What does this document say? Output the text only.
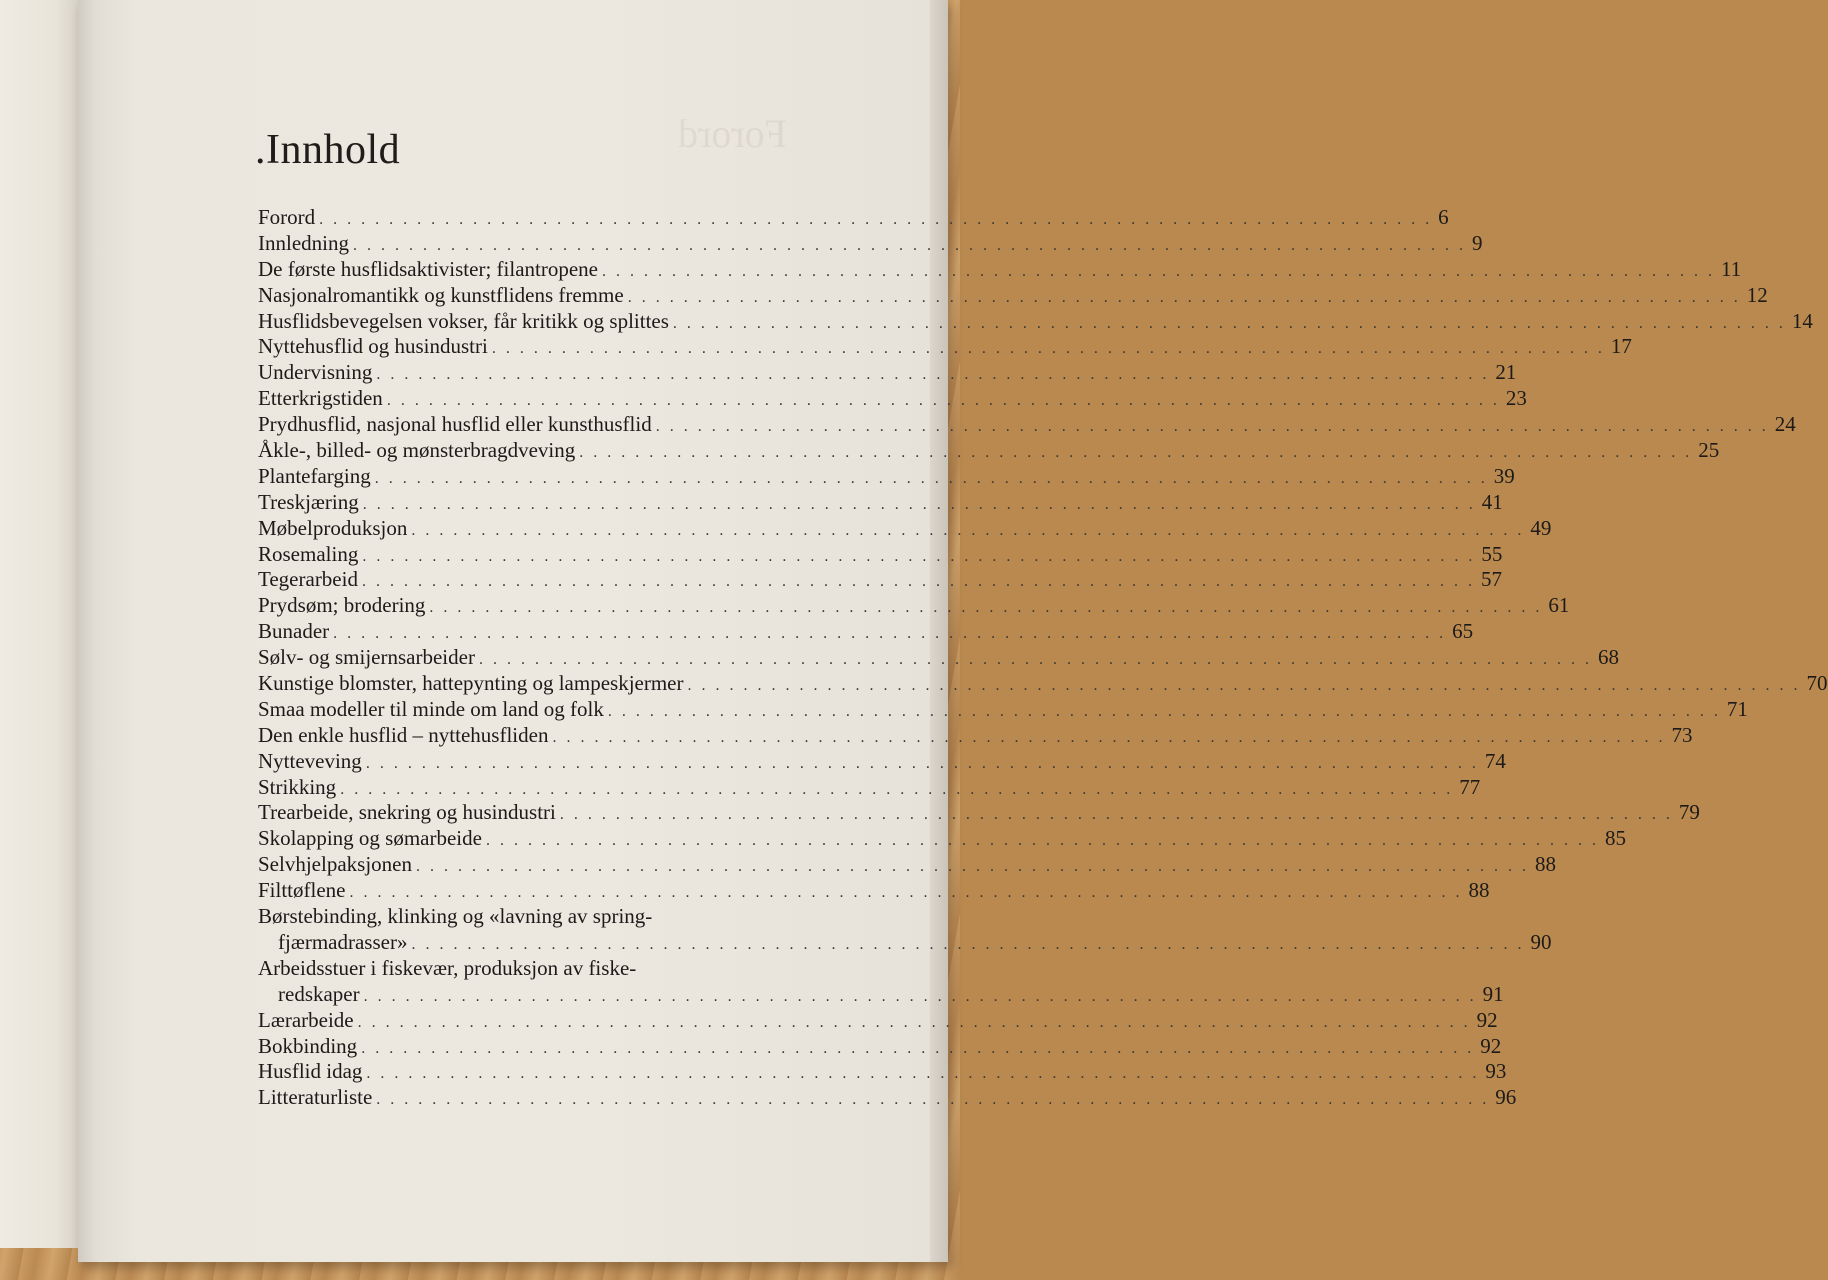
Forord
.Innhold
Forord . . . . . . . . . . . . . . . . . . . . . . . . . . . . . . . . . . . . . . . . . . . . . . . . . . . . . . . . . . . . . . . . . . . . . . . . . . . . . . . . 6
Innledning . . . . . . . . . . . . . . . . . . . . . . . . . . . . . . . . . . . . . . . . . . . . . . . . . . . . . . . . . . . . . . . . . . . . . . . . . . . . . . . . 9
De første husflidsaktivister; filantropene . . . . . . . . . . . . . . . . . . . . . . . . . . . . . . . . . . . . . . . . . . . . . . . . . . . . . . . . . . . . . . . . . . . . . . . . . . . . . . . . 11
Nasjonalromantikk og kunstflidens fremme . . . . . . . . . . . . . . . . . . . . . . . . . . . . . . . . . . . . . . . . . . . . . . . . . . . . . . . . . . . . . . . . . . . . . . . . . . . . . . . . 12
Husflidsbevegelsen vokser, får kritikk og splittes . . . . . . . . . . . . . . . . . . . . . . . . . . . . . . . . . . . . . . . . . . . . . . . . . . . . . . . . . . . . . . . . . . . . . . . . . . . . . . . . 14
Nyttehusflid og husindustri . . . . . . . . . . . . . . . . . . . . . . . . . . . . . . . . . . . . . . . . . . . . . . . . . . . . . . . . . . . . . . . . . . . . . . . . . . . . . . . . 17
Undervisning . . . . . . . . . . . . . . . . . . . . . . . . . . . . . . . . . . . . . . . . . . . . . . . . . . . . . . . . . . . . . . . . . . . . . . . . . . . . . . . . 21
Etterkrigstiden . . . . . . . . . . . . . . . . . . . . . . . . . . . . . . . . . . . . . . . . . . . . . . . . . . . . . . . . . . . . . . . . . . . . . . . . . . . . . . . . 23
Prydhusflid, nasjonal husflid eller kunsthusflid . . . . . . . . . . . . . . . . . . . . . . . . . . . . . . . . . . . . . . . . . . . . . . . . . . . . . . . . . . . . . . . . . . . . . . . . . . . . . . . . 24
Åkle-, billed- og mønsterbragdveving . . . . . . . . . . . . . . . . . . . . . . . . . . . . . . . . . . . . . . . . . . . . . . . . . . . . . . . . . . . . . . . . . . . . . . . . . . . . . . . . 25
Plantefarging . . . . . . . . . . . . . . . . . . . . . . . . . . . . . . . . . . . . . . . . . . . . . . . . . . . . . . . . . . . . . . . . . . . . . . . . . . . . . . . . 39
Treskjæring . . . . . . . . . . . . . . . . . . . . . . . . . . . . . . . . . . . . . . . . . . . . . . . . . . . . . . . . . . . . . . . . . . . . . . . . . . . . . . . . 41
Møbelproduksjon . . . . . . . . . . . . . . . . . . . . . . . . . . . . . . . . . . . . . . . . . . . . . . . . . . . . . . . . . . . . . . . . . . . . . . . . . . . . . . . . 49
Rosemaling . . . . . . . . . . . . . . . . . . . . . . . . . . . . . . . . . . . . . . . . . . . . . . . . . . . . . . . . . . . . . . . . . . . . . . . . . . . . . . . . 55
Tegerarbeid . . . . . . . . . . . . . . . . . . . . . . . . . . . . . . . . . . . . . . . . . . . . . . . . . . . . . . . . . . . . . . . . . . . . . . . . . . . . . . . . 57
Prydsøm; brodering . . . . . . . . . . . . . . . . . . . . . . . . . . . . . . . . . . . . . . . . . . . . . . . . . . . . . . . . . . . . . . . . . . . . . . . . . . . . . . . . 61
Bunader . . . . . . . . . . . . . . . . . . . . . . . . . . . . . . . . . . . . . . . . . . . . . . . . . . . . . . . . . . . . . . . . . . . . . . . . . . . . . . . . 65
Sølv- og smijernsarbeider . . . . . . . . . . . . . . . . . . . . . . . . . . . . . . . . . . . . . . . . . . . . . . . . . . . . . . . . . . . . . . . . . . . . . . . . . . . . . . . . 68
Kunstige blomster, hattepynting og lampeskjermer . . . . . . . . . . . . . . . . . . . . . . . . . . . . . . . . . . . . . . . . . . . . . . . . . . . . . . . . . . . . . . . . . . . . . . . . . . . . . . . . 70
Smaa modeller til minde om land og folk . . . . . . . . . . . . . . . . . . . . . . . . . . . . . . . . . . . . . . . . . . . . . . . . . . . . . . . . . . . . . . . . . . . . . . . . . . . . . . . . 71
Den enkle husflid – nyttehusfliden . . . . . . . . . . . . . . . . . . . . . . . . . . . . . . . . . . . . . . . . . . . . . . . . . . . . . . . . . . . . . . . . . . . . . . . . . . . . . . . . 73
Nytteveving . . . . . . . . . . . . . . . . . . . . . . . . . . . . . . . . . . . . . . . . . . . . . . . . . . . . . . . . . . . . . . . . . . . . . . . . . . . . . . . . 74
Strikking . . . . . . . . . . . . . . . . . . . . . . . . . . . . . . . . . . . . . . . . . . . . . . . . . . . . . . . . . . . . . . . . . . . . . . . . . . . . . . . . 77
Trearbeide, snekring og husindustri . . . . . . . . . . . . . . . . . . . . . . . . . . . . . . . . . . . . . . . . . . . . . . . . . . . . . . . . . . . . . . . . . . . . . . . . . . . . . . . . 79
Skolapping og sømarbeide . . . . . . . . . . . . . . . . . . . . . . . . . . . . . . . . . . . . . . . . . . . . . . . . . . . . . . . . . . . . . . . . . . . . . . . . . . . . . . . . 85
Selvhjelpaksjonen . . . . . . . . . . . . . . . . . . . . . . . . . . . . . . . . . . . . . . . . . . . . . . . . . . . . . . . . . . . . . . . . . . . . . . . . . . . . . . . . 88
Filttøflene . . . . . . . . . . . . . . . . . . . . . . . . . . . . . . . . . . . . . . . . . . . . . . . . . . . . . . . . . . . . . . . . . . . . . . . . . . . . . . . . 88
Børstebinding, klinking og «lavning av spring-
fjærmadrasser» . . . . . . . . . . . . . . . . . . . . . . . . . . . . . . . . . . . . . . . . . . . . . . . . . . . . . . . . . . . . . . . . . . . . . . . . . . . . . . . . 90
Arbeidsstuer i fiskevær, produksjon av fiske-
redskaper . . . . . . . . . . . . . . . . . . . . . . . . . . . . . . . . . . . . . . . . . . . . . . . . . . . . . . . . . . . . . . . . . . . . . . . . . . . . . . . . 91
Lærarbeide . . . . . . . . . . . . . . . . . . . . . . . . . . . . . . . . . . . . . . . . . . . . . . . . . . . . . . . . . . . . . . . . . . . . . . . . . . . . . . . . 92
Bokbinding . . . . . . . . . . . . . . . . . . . . . . . . . . . . . . . . . . . . . . . . . . . . . . . . . . . . . . . . . . . . . . . . . . . . . . . . . . . . . . . . 92
Husflid idag . . . . . . . . . . . . . . . . . . . . . . . . . . . . . . . . . . . . . . . . . . . . . . . . . . . . . . . . . . . . . . . . . . . . . . . . . . . . . . . . 93
Litteraturliste . . . . . . . . . . . . . . . . . . . . . . . . . . . . . . . . . . . . . . . . . . . . . . . . . . . . . . . . . . . . . . . . . . . . . . . . . . . . . . . . 96
